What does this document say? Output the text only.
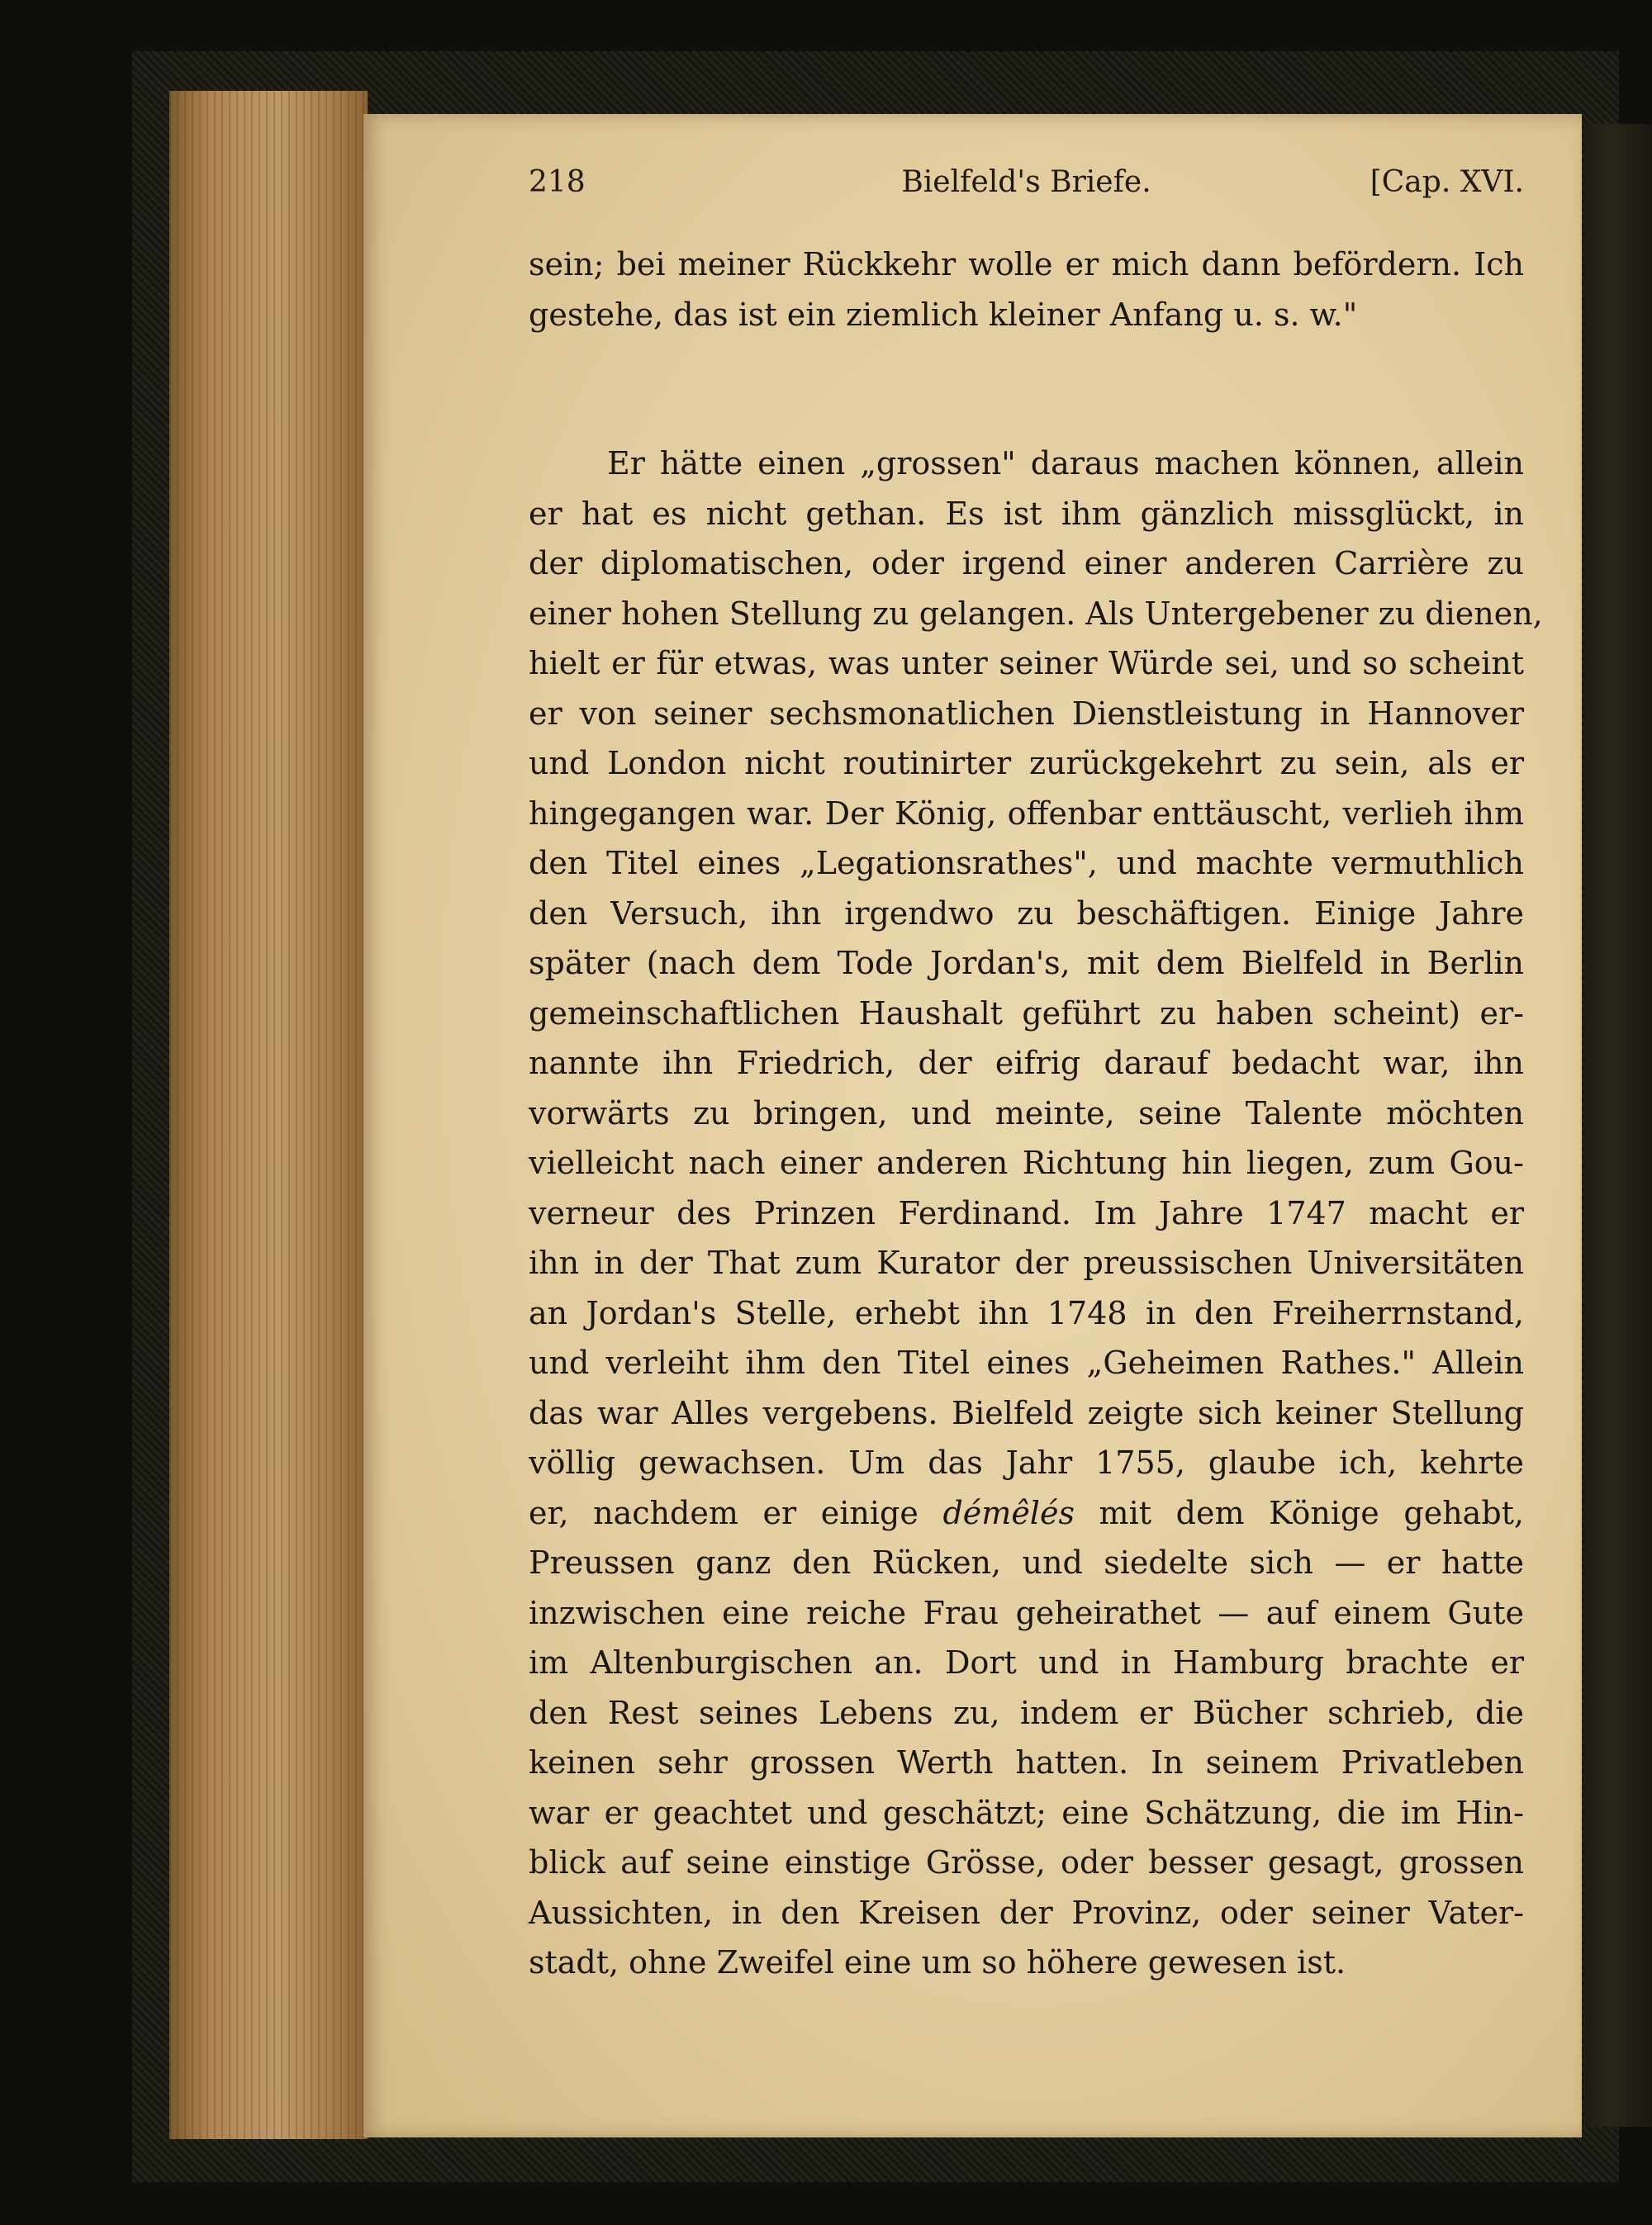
218	Bielfeld's Briefe.	[Cap. XVI.
sein; bei meiner Rückkehr wolle er mich dann befördern. Ich
gestehe, das ist ein ziemlich kleiner Anfang u. s. w."
Er hätte einen „grossen" daraus machen können, allein
er hat es nicht gethan. Es ist ihm gänzlich missglückt, in
der diplomatischen, oder irgend einer anderen Carrière zu
einer hohen Stellung zu gelangen. Als Untergebener zu dienen,
hielt er für etwas, was unter seiner Würde sei, und so scheint
er von seiner sechsmonatlichen Dienstleistung in Hannover
und London nicht routinirter zurückgekehrt zu sein, als er
hingegangen war. Der König, offenbar enttäuscht, verlieh ihm
den Titel eines „Legationsrathes", und machte vermuthlich
den Versuch, ihn irgendwo zu beschäftigen. Einige Jahre
später (nach dem Tode Jordan's, mit dem Bielfeld in Berlin
gemeinschaftlichen Haushalt geführt zu haben scheint) er-
nannte ihn Friedrich, der eifrig darauf bedacht war, ihn
vorwärts zu bringen, und meinte, seine Talente möchten
vielleicht nach einer anderen Richtung hin liegen, zum Gou-
verneur des Prinzen Ferdinand. Im Jahre 1747 macht er
ihn in der That zum Kurator der preussischen Universitäten
an Jordan's Stelle, erhebt ihn 1748 in den Freiherrnstand,
und verleiht ihm den Titel eines „Geheimen Rathes." Allein
das war Alles vergebens. Bielfeld zeigte sich keiner Stellung
völlig gewachsen. Um das Jahr 1755, glaube ich, kehrte
er, nachdem er einige démêlés mit dem Könige gehabt,
Preussen ganz den Rücken, und siedelte sich — er hatte
inzwischen eine reiche Frau geheirathet — auf einem Gute
im Altenburgischen an. Dort und in Hamburg brachte er
den Rest seines Lebens zu, indem er Bücher schrieb, die
keinen sehr grossen Werth hatten. In seinem Privatleben
war er geachtet und geschätzt; eine Schätzung, die im Hin-
blick auf seine einstige Grösse, oder besser gesagt, grossen
Aussichten, in den Kreisen der Provinz, oder seiner Vater-
stadt, ohne Zweifel eine um so höhere gewesen ist.
